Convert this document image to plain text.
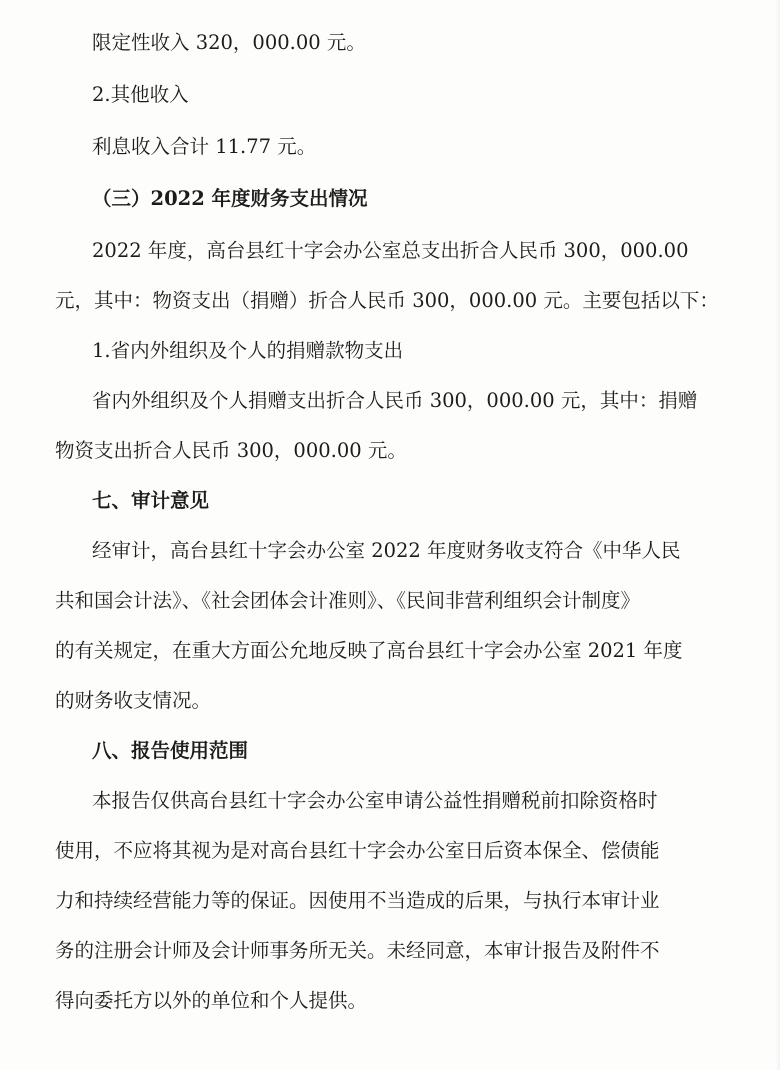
限定性收入 320，000.00 元。

2.其他收入

利息收入合计 11.77 元。

（三）2022 年度财务支出情况

2022 年度，高台县红十字会办公室总支出折合人民币 300，000.00

元，其中：物资支出（捐赠）折合人民币 300，000.00 元。主要包括以下：

1.省内外组织及个人的捐赠款物支出

省内外组织及个人捐赠支出折合人民币 300，000.00 元，其中：捐赠

物资支出折合人民币 300，000.00 元。

七、审计意见

经审计，高台县红十字会办公室 2022 年度财务收支符合《中华人民

共和国会计法》、《社会团体会计准则》、《民间非营利组织会计制度》

的有关规定，在重大方面公允地反映了高台县红十字会办公室 2021 年度

的财务收支情况。

八、报告使用范围

本报告仅供高台县红十字会办公室申请公益性捐赠税前扣除资格时

使用，不应将其视为是对高台县红十字会办公室日后资本保全、偿债能

力和持续经营能力等的保证。因使用不当造成的后果，与执行本审计业

务的注册会计师及会计师事务所无关。未经同意，本审计报告及附件不

得向委托方以外的单位和个人提供。
